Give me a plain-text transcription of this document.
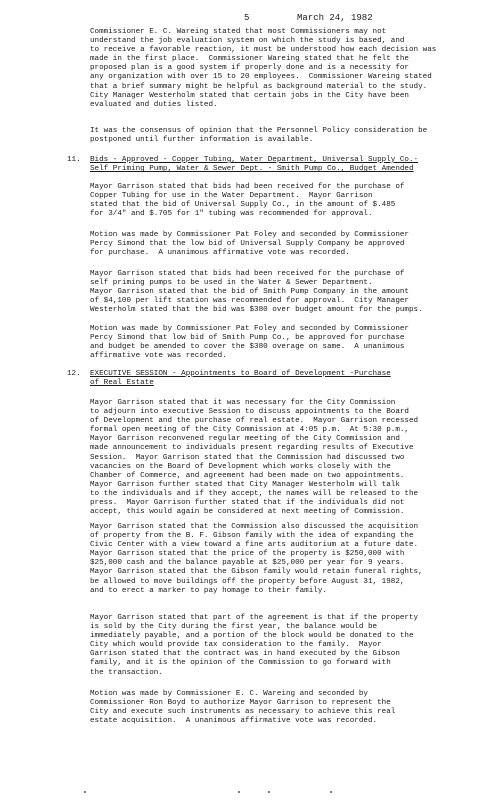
5	March 24, 1982

Commissioner E. C. Wareing stated that most Commissioners may not
understand the job evaluation system on which the study is based, and
to receive a favorable reaction, it must be understood how each decision was
made in the first place.  Commissioner Wareing stated that he felt the
proposed plan is a good system if properly done and is a necessity for
any organization with over 15 to 20 employees.  Commissioner Wareing stated
that a brief summary might be helpful as background material to the study.
City Manager Westerholm stated that certain jobs in the City have been
evaluated and duties listed.

It was the consensus of opinion that the Personnel Policy consideration be
postponed until further information is available.

11. Bids - Approved - Copper Tubing, Water Department, Universal Supply Co.-
Self Priming Pump, Water & Sewer Dept. - Smith Pump Co., Budget Amended

Mayor Garrison stated that bids had been received for the purchase of
Copper Tubing for use in the Water Department.  Mayor Garrison
stated that the bid of Universal Supply Co., in the amount of $.485
for 3/4" and $.705 for 1" tubing was recommended for approval.

Motion was made by Commissioner Pat Foley and seconded by Commissioner
Percy Simond that the low bid of Universal Supply Company be approved
for purchase.  A unanimous affirmative vote was recorded.

Mayor Garrison stated that bids had been received for the purchase of
self priming pumps to be used in the Water & Sewer Department.
Mayor Garrison stated that the bid of Smith Pump Company in the amount
of $4,100 per lift station was recommended for approval.  City Manager
Westerholm stated that the bid was $380 over budget amount for the pumps.

Motion was made by Commissioner Pat Foley and seconded by Commissioner
Percy Simond that low bid of Smith Pump Co., be approved for purchase
and budget be amended to cover the $380 overage on same.  A unanimous
affirmative vote was recorded.

12. EXECUTIVE SESSION - Appointments to Board of Development -Purchase
of Real Estate

Mayor Garrison stated that it was necessary for the City Commission
to adjourn into executive Session to discuss appointments to the Board
of Development and the purchase of real estate.  Mayor Garrison recessed
formal open meeting of the City Commission at 4:05 p.m.  At 5:30 p.m.,
Mayor Garrison reconvened regular meeting of the City Commission and
made announcement to individuals present regarding results of Executive
Session.  Mayor Garrison stated that the Commission had discussed two
vacancies on the Board of Development which works closely with the
Chamber of Commerce, and agreement had been made on two appointments.
Mayor Garrison further stated that City Manager Westerholm will talk
to the individuals and if they accept, the names will be released to the
press.  Mayor Garrison further stated that if the individuals did not
accept, this would again be considered at next meeting of Commission.

Mayor Garrison stated that the Commission also discussed the acquisition
of property from the B. F. Gibson family with the idea of expanding the
Civic Center with a view toward a fine arts auditorium at a future date.
Mayor Garrison stated that the price of the property is $250,000 with
$25,000 cash and the balance payable at $25,000 per year for 9 years.
Mayor Garrison stated that the Gibson family would retain funeral rights,
be allowed to move buildings off the property before August 31, 1982,
and to erect a marker to pay homage to their family.

Mayor Garrison stated that part of the agreement is that if the property
is sold by the City during the first year, the balance would be
immediately payable, and a portion of the block would be donated to the
City which would provide tax consideration to the family.  Mayor
Garrison stated that the contract was in hand executed by the Gibson
family, and it is the opinion of the Commission to go forward with
the transaction.

Motion was made by Commissioner E. C. Wareing and seconded by
Commissioner Ron Boyd to authorize Mayor Garrison to represent the
City and execute such instruments as necessary to achieve this real
estate acquisition.  A unanimous affirmative vote was recorded.
